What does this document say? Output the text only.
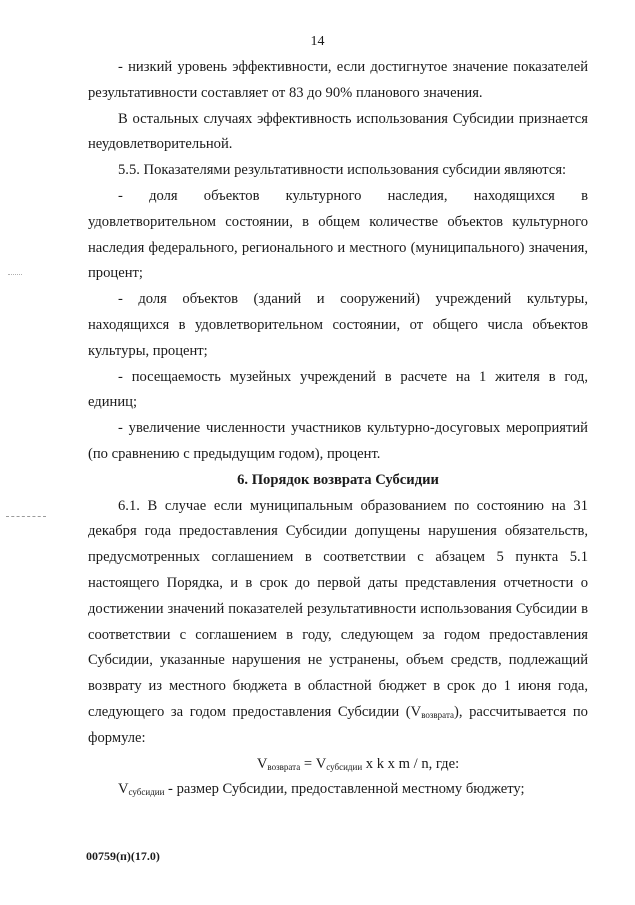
14

- низкий уровень эффективности, если достигнутое значение показателей результативности составляет от 83 до 90% планового значения.

В остальных случаях эффективность использования Субсидии признается неудовлетворительной.

5.5. Показателями результативности использования субсидии являются:

- доля объектов культурного наследия, находящихся в

удовлетворительном состоянии, в общем количестве объектов культурного наследия федерального, регионального и местного (муниципального) значения, процент;

- доля объектов (зданий и сооружений) учреждений культуры, находящихся в удовлетворительном состоянии, от общего числа объектов культуры, процент;

- посещаемость музейных учреждений в расчете на 1 жителя в год, единиц;

- увеличение численности участников культурно-досуговых мероприятий (по сравнению с предыдущим годом), процент.

6. Порядок возврата Субсидии

6.1. В случае если муниципальным образованием по состоянию на 31 декабря года предоставления Субсидии допущены нарушения обязательств, предусмотренных соглашением в соответствии с абзацем 5 пункта 5.1 настоящего Порядка, и в срок до первой даты представления отчетности о достижении значений показателей результативности использования Субсидии в соответствии с соглашением в году, следующем за годом предоставления Субсидии, указанные нарушения не устранены, объем средств, подлежащий возврату из местного бюджета в областной бюджет в срок до 1 июня года, следующего за годом предоставления Субсидии $(V_{возврата})$, рассчитывается по формуле:

$V_{возврата} = V_{субсидии}$ x k x m / n, где:

$V_{субсидии}$ - размер Субсидии, предоставленной местному бюджету;

00759(п)(17.0)
